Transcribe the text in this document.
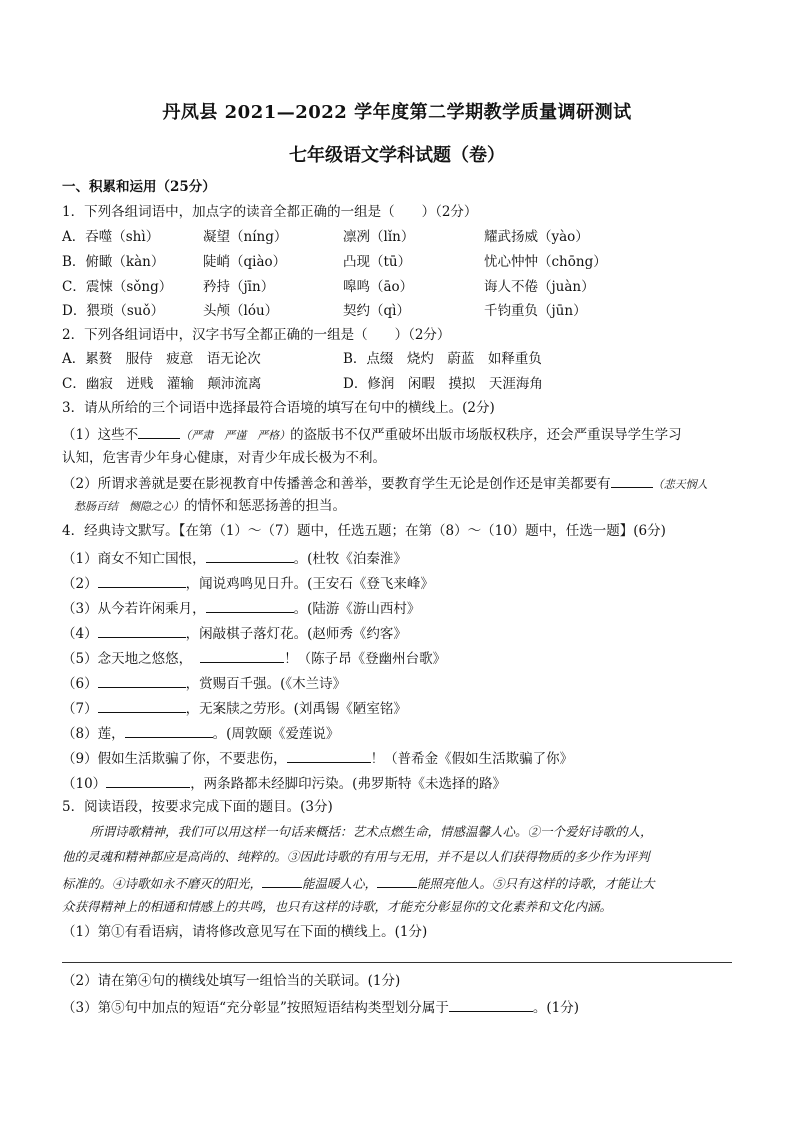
丹凤县 2021—2022 学年度第二学期教学质量调研测试
七年级语文学科试题（卷）
一、积累和运用（25分）
1．下列各组词语中，加点字的读音全都正确的一组是（　　）（2分）
A．吞噬（shì）	凝望（níng）	凛冽（lǐn）	耀武扬威（yào）
B．俯瞰（kàn）	陡峭（qiào）	凸现（tū）	忧心忡忡（chōng）
C．震悚（sǒng） 矜持（jīn）	嗥鸣（āo）	诲人不倦（juàn）
D．猥琐（suǒ）	头颅（lóu）	契约（qì）	千钧重负（jūn）
2．下列各组词语中，汉字书写全都正确的一组是（　　）（2分）
A．累赘　服侍　疲意　语无论次	B．点缀　烧灼　蔚蓝　如释重负
C．幽寂　迸贱　灌输　颠沛流离	D．修润　闲暇　摸拟　天涯海角
3．请从所给的三个词语中选择最符合语境的填写在句中的横线上。(2分)
（1）这些不	（严肃　严谨　严格）的盗版书不仅严重破坏出版市场版权秩序，还会严重误导学生学习
认知，危害青少年身心健康，对青少年成长极为不利。
（2）所谓求善就是要在影视教育中传播善念和善举，要教育学生无论是创作还是审美都要有	（悲天悯人
愁肠百结　恻隐之心）的情怀和惩恶扬善的担当。
4．经典诗文默写。【在第（1）～（7）题中，任选五题；在第（8）～（10）题中，任选一题】(6分)
（1）商女不知亡国恨，	。(杜牧《泊秦淮》
（2）	，闻说鸡鸣见日升。(王安石《登飞来峰》
（3）从今若许闲乘月，	。(陆游《游山西村》
（4）	，闲敲棋子落灯花。(赵师秀《约客》
（5）念天地之悠悠，	！（陈子昂《登幽州台歌》
（6）	，赏赐百千强。(《木兰诗》
（7）	，无案牍之劳形。(刘禹锡《陋室铭》
（8）莲，	。(周敦颐《爱莲说》
（9）假如生活欺骗了你，不要悲伤，	！（普希金《假如生活欺骗了你》
（10）	，两条路都未经脚印污染。(弗罗斯特《未选择的路》
5．阅读语段，按要求完成下面的题目。(3分)
所谓诗歌精神，我们可以用这样一句话来概括：艺术点燃生命，情感温馨人心。②一个爱好诗歌的人，
他的灵魂和精神都应是高尚的、纯粹的。③因此诗歌的有用与无用，并不是以人们获得物质的多少作为评判
标准的。④诗歌如永不磨灭的阳光，	能温暖人心，	能照亮他人。⑤只有这样的诗歌，才能让大
众获得精神上的相通和情感上的共鸣，也只有这样的诗歌，才能充分彰显你的文化素养和文化内涵。
（1）第①有看语病，请将修改意见写在下面的横线上。(1分)
（2）请在第④句的横线处填写一组恰当的关联词。(1分)
（3）第⑤句中加点的短语“充分彰显”按照短语结构类型划分属于	。(1分)
